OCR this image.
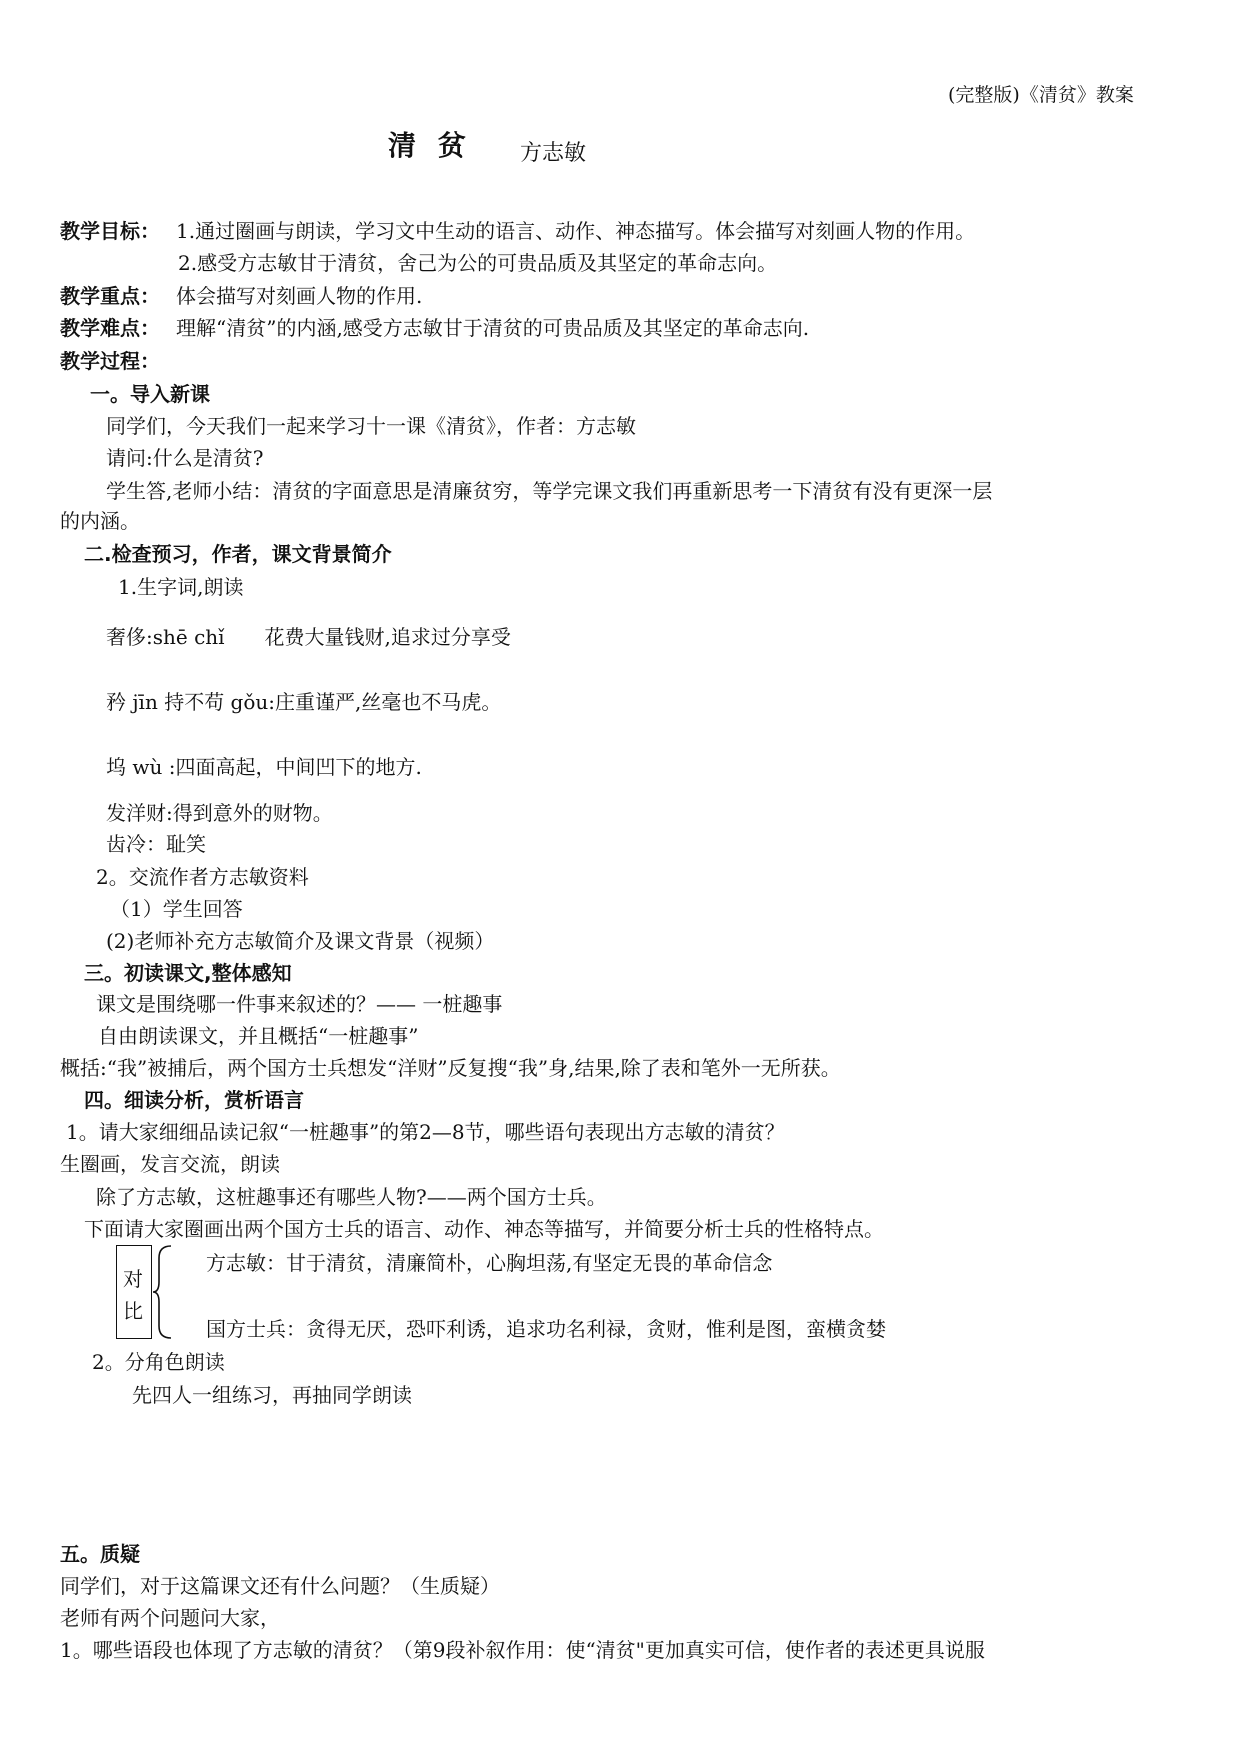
(完整版)《清贫》教案
清 贫 方志敏
教学目标： 1.通过圈画与朗读，学习文中生动的语言、动作、神态描写。体会描写对刻画人物的作用。
2.感受方志敏甘于清贫，舍己为公的可贵品质及其坚定的革命志向。
教学重点： 体会描写对刻画人物的作用.
教学难点： 理解“清贫”的内涵,感受方志敏甘于清贫的可贵品质及其坚定的革命志向.
教学过程：
一。导入新课
同学们，今天我们一起来学习十一课《清贫》，作者：方志敏
请问:什么是清贫?
学生答,老师小结：清贫的字面意思是清廉贫穷，等学完课文我们再重新思考一下清贫有没有更深一层
的内涵。
二.检查预习，作者，课文背景简介
1.生字词,朗读
奢侈:shē chǐ　　花费大量钱财,追求过分享受
矜 jīn 持不苟 gǒu:庄重谨严,丝毫也不马虎。
坞 wù :四面高起，中间凹下的地方.
发洋财:得到意外的财物。
齿冷：耻笑
2。交流作者方志敏资料
（1）学生回答
(2)老师补充方志敏简介及课文背景（视频）
三。初读课文,整体感知
课文是围绕哪一件事来叙述的？—— 一桩趣事
自由朗读课文，并且概括“一桩趣事”
概括:“我”被捕后，两个国方士兵想发“洋财”反复搜“我”身,结果,除了表和笔外一无所获。
四。细读分析，赏析语言
1。请大家细细品读记叙“一桩趣事”的第2—8节，哪些语句表现出方志敏的清贫？
生圈画，发言交流，朗读
除了方志敏，这桩趣事还有哪些人物?——两个国方士兵。
下面请大家圈画出两个国方士兵的语言、动作、神态等描写，并简要分析士兵的性格特点。
对
比
方志敏：甘于清贫，清廉简朴，心胸坦荡,有坚定无畏的革命信念
国方士兵：贪得无厌，恐吓利诱，追求功名利禄，贪财，惟利是图，蛮横贪婪
2。分角色朗读
先四人一组练习，再抽同学朗读
五。质疑
同学们，对于这篇课文还有什么问题？（生质疑）
老师有两个问题问大家，
1。哪些语段也体现了方志敏的清贫？（第9段补叙作用：使“清贫"更加真实可信，使作者的表述更具说服
